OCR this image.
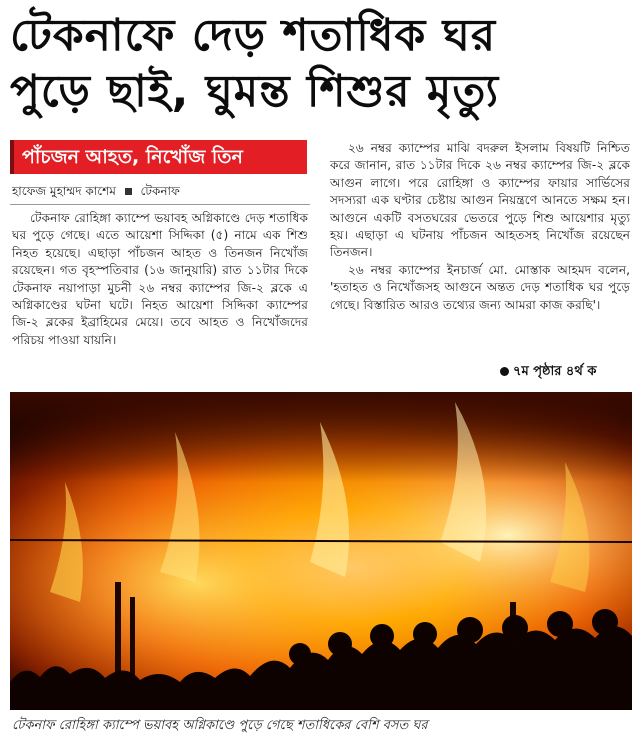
টেকনাফে দেড় শতাধিক ঘর
পুড়ে ছাই, ঘুমন্ত শিশুর মৃত্যু
পাঁচজন আহত, নিখোঁজ তিন
হাফেজ মুহাম্মদ কাশেম টেকনাফ

টেকনাফ রোহিঙ্গা ক্যাম্পে ভয়াবহ অগ্নিকাণ্ডে দেড় শতাধিক ঘর পুড়ে গেছে। এতে আয়েশা সিদ্দিকা (৫) নামে এক শিশু নিহত হয়েছে। এছাড়া পাঁচজন আহত ও তিনজন নিখোঁজ রয়েছেন। গত বৃহস্পতিবার (১৬ জানুয়ারি) রাত ১১টার দিকে টেকনাফ নয়াপাড়া মুচনী ২৬ নম্বর ক্যাম্পের জি-২ ব্লকে এ অগ্নিকাণ্ডের ঘটনা ঘটে। নিহত আয়েশা সিদ্দিকা ক্যাম্পের জি-২ ব্লকের ইব্রাহিমের মেয়ে। তবে আহত ও নিখোঁজদের পরিচয় পাওয়া যায়নি।

২৬ নম্বর ক্যাম্পের মাঝি বদরুল ইসলাম বিষয়টি নিশ্চিত করে জানান, রাত ১১টার দিকে ২৬ নম্বর ক্যাম্পের জি-২ ব্লকে আগুন লাগে। পরে রোহিঙ্গা ও ক্যাম্পের ফায়ার সার্ভিসের সদস্যরা এক ঘণ্টার চেষ্টায় আগুন নিয়ন্ত্রণে আনতে সক্ষম হন। আগুনে একটি বসতঘরের ভেতরে পুড়ে শিশু আয়েশার মৃত্যু হয়। এছাড়া এ ঘটনায় পাঁচজন আহতসহ নিখোঁজ রয়েছেন তিনজন।

২৬ নম্বর ক্যাম্পের ইনচার্জ মো. মোস্তাক আহমদ বলেন, 'হতাহত ও নিখোঁজসহ আগুনে অন্তত দেড় শতাধিক ঘর পুড়ে গেছে। বিস্তারিত আরও তথ্যের জন্য আমরা কাজ করছি'।

৭ম পৃষ্ঠার ৪র্থ ক
টেকনাফ রোহিঙ্গা ক্যাম্পে ভয়াবহ অগ্নিকাণ্ডে পুড়ে গেছে শতাধিকের বেশি বসত ঘর
